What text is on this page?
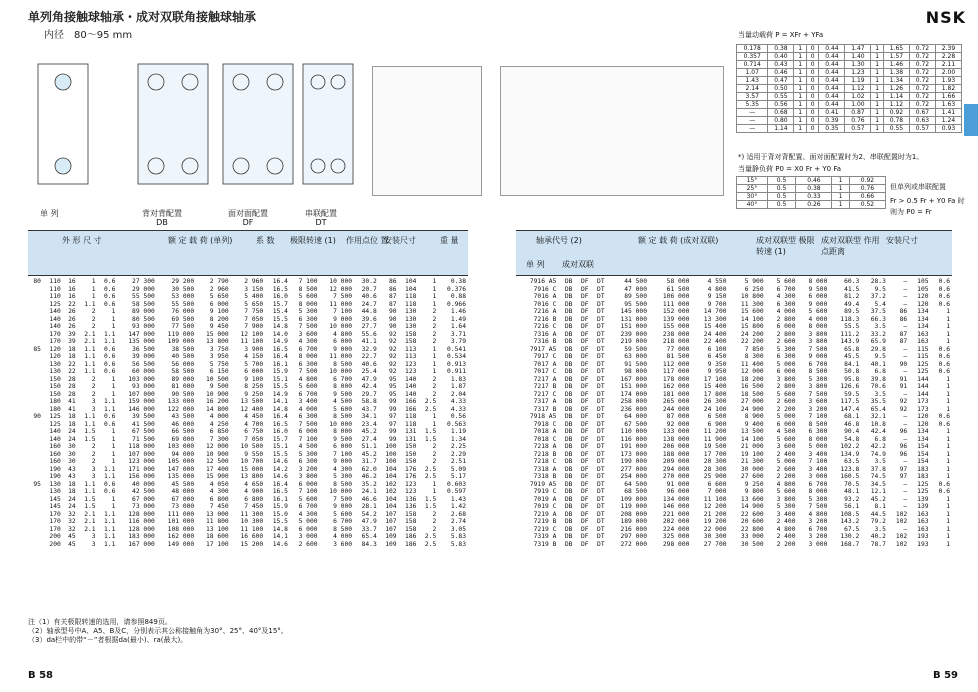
单列角接触球轴承・成对双联角接触球轴承
内径　80～95 mm
NSK
单 列	背对背配置
DB
面对面配置
DF
串联配置
DT
当量动载荷 P = XFr + YFa
0.178	0.38	1	0	0.44	1.47	1	1.65	0.72	2.39
0.357	0.40	1	0	0.44	1.40	1	1.57	0.72	2.28
0.714	0.43	1	0	0.44	1.30	1	1.46	0.72	2.11
1.07	0.46	1	0	0.44	1.23	1	1.38	0.72	2.00
1.43	0.47	1	0	0.44	1.19	1	1.34	0.72	1.93
2.14	0.50	1	0	0.44	1.12	1	1.26	0.72	1.82
3.57	0.55	1	0	0.44	1.02	1	1.14	0.72	1.66
5.35	0.56	1	0	0.44	1.00	1	1.12	0.72	1.63
—	0.68	1	0	0.41	0.87	1	0.92	0.67	1.41
—	0.80	1	0	0.39	0.76	1	0.78	0.63	1.24
—	1.14	1	0	0.35	0.57	1	0.55	0.57	0.93
*) 适用于背对背配置、面对面配置时为2、串联配置时为1。
当量静负荷 P0 = X0 Fr + Y0 Fa
15°	0.5	0.46	1	0.92
25°	0.5	0.38	1	0.76
30°	0.5	0.33	1	0.66
40°	0.5	0.26	1	0.52
但单列或串联配置
Fr > 0.5 Fr + Y0 Fa 时
则为 P0 = Fr
外 形 尺 寸	额 定 载 荷 (单列)	系 数 极限转速 (1) 作用点位 置
安装尺寸	重 量
80	110	16	1	0.6	27 300	29 200	2 790	2 960	16.4	7 100	10 000	30.2	86	104	1	0.38
	110	16	1	0.6	29 000	30 500	2 960	3 150	16.5	8 500	12 000	20.7	86	104	1	0.376
	110	16	1	0.6	55 500	53 000	5 650	5 400	16.0	5 600	7 500	40.6	87	118	1	0.88
	125	22	1.1	0.6	58 500	55 500	6 000	5 650	15.7	8 000	11 000	24.7	87	118	1	0.966
	140	26	2	1	89 000	76 000	9 100	7 750	15.4	5 300	7 100	44.8	90	130	2	1.46
	140	26	2	1	80 500	69 500	8 200	7 050	15.5	6 300	9 000	39.6	90	130	2	1.49
	140	26	2	1	93 000	77 500	9 450	7 900	14.8	7 500	10 000	27.7	90	130	2	1.64
	170	39	2.1	1.1	147 000	119 000	15 000	12 100	14.0	3 600	4 800	55.6	92	158	2	3.71
	170	39	2.1	1.1	135 000	109 000	13 800	11 100	14.9	4 300	6 000	41.1	92	158	2	3.79
85	120	18	1.1	0.6	36 500	38 500	3 750	3 900	16.5	6 700	9 000	32.9	92	113	1	0.541
	120	18	1.1	0.6	39 000	40 500	3 950	4 150	16.4	8 000	11 000	22.7	92	113	1	0.534
	130	22	1.1	0.6	56 500	56 000	5 750	5 700	16.1	6 300	8 500	40.6	92	123	1	0.913
	130	22	1.1	0.6	60 000	58 500	6 150	6 000	15.9	7 500	10 000	25.4	92	123	1	0.911
	150	28	2	1	103 000	89 000	10 500	9 100	15.1	4 800	6 700	47.9	95	140	2	1.83
	150	28	2	1	93 000	81 000	9 500	8 250	15.5	5 600	8 000	42.4	95	140	2	1.87
	150	28	2	1	107 000	90 500	10 900	9 250	14.9	6 700	9 500	29.7	95	140	2	2.04
	180	41	3	1.1	159 000	133 000	16 200	13 500	14.1	3 400	4 500	58.8	99	166	2.5	4.33
	180	41	3	1.1	146 000	122 000	14 800	12 400	14.8	4 000	5 600	43.7	99	166	2.5	4.33
90	125	18	1.1	0.6	39 500	43 500	4 000	4 450	16.4	6 300	8 500	34.1	97	118	1	0.56
	125	18	1.1	0.6	41 500	46 000	4 250	4 700	16.5	7 500	10 000	23.4	97	118	1	0.563
	140	24	1.5	1	67 500	66 500	6 850	6 750	16.0	6 000	8 000	45.2	99	131	1.5	1.19
	140	24	1.5	1	71 500	69 000	7 300	7 050	15.7	7 100	9 500	27.4	99	131	1.5	1.34
	160	30	2	1	118 000	103 000	12 000	10 500	15.1	4 500	6 000	51.1	100	150	2	2.25
	160	30	2	1	107 000	94 000	10 900	9 550	15.5	5 300	7 100	45.2	100	150	2	2.29
	160	30	2	1	123 000	105 000	12 500	10 700	14.6	6 300	9 000	31.7	100	150	2	2.51
	190	43	3	1.1	171 000	147 000	17 400	15 000	14.2	3 200	4 300	62.0	104	176	2.5	5.09
	190	43	3	1.1	156 000	135 000	15 900	13 800	14.6	3 800	5 300	46.2	104	176	2.5	5.17
95	130	18	1.1	0.6	40 000	45 500	4 050	4 650	16.4	6 000	8 500	35.2	102	123	1	0.603
	130	18	1.1	0.6	42 500	48 000	4 300	4 900	16.5	7 100	10 000	24.1	102	123	1	0.597
	145	24	1.5	1	67 000	67 000	6 800	6 800	16.1	5 600	7 500	46.6	104	136	1.5	1.43
	145	24	1.5	1	73 000	73 000	7 450	7 450	15.9	6 700	9 000	28.1	104	136	1.5	1.42
	170	32	2.1	1.1	128 000	111 000	13 000	11 300	15.0	4 300	5 600	54.2	107	158	2	2.68
	170	32	2.1	1.1	116 000	101 000	11 800	10 300	15.5	5 000	6 700	47.9	107	158	2	2.74
	170	32	2.1	1.1	128 000	108 000	13 100	11 100	14.8	6 000	8 500	33.7	107	158	2	3.05
	200	45	3	1.1	183 000	162 000	18 600	16 600	14.1	3 000	4 000	65.4	109	186	2.5	5.83
	200	45	3	1.1	167 000	149 000	17 100	15 200	14.6	2 600	3 600	84.3	109	186	2.5	5.83
轴承代号 (2)
单 列 成对双联
额 定 载 荷 (成对双联)	成对双联型 极限转速 (1)
成对双联型 作用点距离
安装尺寸
7916 A5	DB	DF	DT	44 500	58 000	4 550	5 900	5 600	8 000	60.3	28.3	—	105	0.6
7916 C	DB	DF	DT	47 000	61 500	4 800	6 250	6 700	9 500	41.5	9.5	—	105	0.6
7016 A	DB	DF	DT	89 500	106 000	9 150	10 800	4 300	6 000	81.2	37.2	—	120	0.6
7016 C	DB	DF	DT	95 500	111 000	9 700	11 300	6 300	9 000	49.4	5.4	—	120	0.6
7216 A	DB	DF	DT	145 000	152 000	14 700	15 600	4 000	5 600	89.5	37.5	86	134	1
7216 B	DB	DF	DT	131 000	139 000	13 300	14 100	2 800	4 000	118.3	66.3	86	134	1
7216 C	DB	DF	DT	151 000	155 000	15 400	15 800	6 000	8 000	55.5	3.5	—	134	1
7316 A	DB	DF	DT	239 000	238 000	24 400	24 200	2 800	3 800	111.2	33.2	87	163	1
7316 B	DB	DF	DT	219 000	218 000	22 400	22 200	2 600	3 800	143.9	65.9	87	163	1
7917 A5	DB	DF	DT	59 500	77 000	6 100	7 850	5 300	7 500	65.8	29.8	—	115	0.6
7917 C	DB	DF	DT	63 000	81 500	6 450	8 300	6 300	9 000	45.5	9.5	—	115	0.6
7017 A	DB	DF	DT	91 500	112 000	9 350	11 400	5 000	6 700	84.1	40.1	90	125	0.6
7017 C	DB	DF	DT	98 000	117 000	9 950	12 000	6 000	8 500	50.8	6.8	—	125	0.6
7217 A	DB	DF	DT	167 000	178 000	17 100	18 200	3 800	5 300	95.8	39.8	91	144	1
7217 B	DB	DF	DT	151 000	162 000	15 400	16 500	2 800	3 800	126.6	70.6	91	144	1
7217 C	DB	DF	DT	174 000	181 000	17 800	18 500	5 600	7 500	59.5	3.5	—	144	1
7317 A	DB	DF	DT	258 000	265 000	26 300	27 000	2 600	3 600	117.5	35.5	92	173	1
7317 B	DB	DF	DT	236 000	244 000	24 100	24 900	2 200	3 200	147.4	65.4	92	173	1
7918 A5	DB	DF	DT	64 000	87 000	6 500	8 900	5 000	7 100	68.1	32.1	—	120	0.6
7918 C	DB	DF	DT	67 500	92 000	6 900	9 400	6 000	8 500	46.8	10.8	—	120	0.6
7018 A	DB	DF	DT	110 000	133 000	11 200	13 500	4 500	6 300	90.4	42.4	96	134	1
7018 C	DB	DF	DT	116 000	138 000	11 900	14 100	5 600	8 000	54.8	6.8	—	134	1
7218 A	DB	DF	DT	191 000	206 000	19 500	21 000	3 600	5 000	102.2	42.2	96	154	1
7218 B	DB	DF	DT	173 000	188 000	17 700	19 100	2 400	3 400	134.9	74.9	96	154	1
7218 C	DB	DF	DT	199 000	209 000	20 300	21 300	5 000	7 100	63.5	3.5	—	154	1
7318 A	DB	DF	DT	277 000	294 000	28 300	30 000	2 600	3 400	123.8	37.8	97	183	1
7318 B	DB	DF	DT	254 000	270 000	25 900	27 600	2 200	3 000	160.5	74.5	97	183	1
7919 A5	DB	DF	DT	64 500	91 000	6 600	9 250	4 800	6 700	70.5	34.5	—	125	0.6
7919 C	DB	DF	DT	68 500	96 000	7 000	9 800	5 600	8 000	48.1	12.1	—	125	0.6
7019 A	DB	DF	DT	109 000	134 000	11 100	13 600	3 800	5 300	93.2	45.2	—	139	1
7019 C	DB	DF	DT	119 000	146 000	12 200	14 900	5 300	7 500	56.1	8.1	—	139	1
7219 A	DB	DF	DT	208 000	221 000	21 200	22 600	3 400	4 800	108.5	44.5	102	163	1
7219 B	DB	DF	DT	189 000	202 000	19 200	20 600	2 400	3 200	143.2	79.2	102	163	1
7219 C	DB	DF	DT	216 000	224 000	22 000	22 800	4 800	6 700	67.5	3.5	—	163	1
7319 A	DB	DF	DT	297 000	325 000	30 300	33 000	2 400	3 200	130.2	40.2	102	193	1
7319 B	DB	DF	DT	272 000	298 000	27 700	30 500	2 200	3 000	168.7	78.7	102	193	1
注（1）有关极限转速的选用，请参照849页。
（2）轴承型号中A、A5、B及C，分别表示其公称接触角为30°、25°、40°及15°。
（3）da栏中的带“－”者根据da(最小)、ra(最大)。
B 58	B 59
